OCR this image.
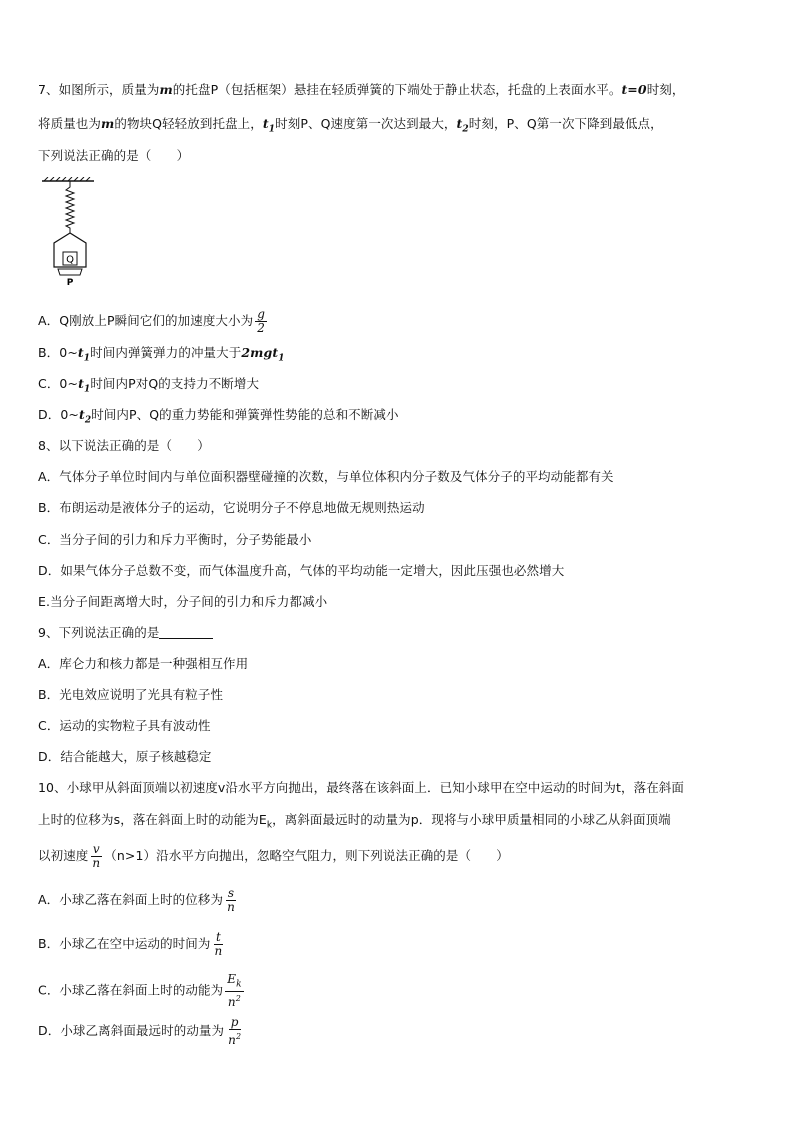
7、如图所示，质量为m的托盘P（包括框架）悬挂在轻质弹簧的下端处于静止状态，托盘的上表面水平。t=0时刻，
将质量也为m的物块Q轻轻放到托盘上，$t_1$时刻P、Q速度第一次达到最大，$t_2$时刻，P、Q第一次下降到最低点，
下列说法正确的是（　　）
Q
P
A．Q刚放上P瞬间它们的加速度大小为 $\frac{g}{2}$
B．$0\sim t_1$时间内弹簧弹力的冲量大于2mgt$_1$
C．$0\sim t_1$时间内P对Q的支持力不断增大
D．$0\sim t_2$时间内P、Q的重力势能和弹簧弹性势能的总和不断减小
8、以下说法正确的是（　　）
A．气体分子单位时间内与单位面积器壁碰撞的次数，与单位体积内分子数及气体分子的平均动能都有关
B．布朗运动是液体分子的运动，它说明分子不停息地做无规则热运动
C．当分子间的引力和斥力平衡时，分子势能最小
D．如果气体分子总数不变，而气体温度升高，气体的平均动能一定增大，因此压强也必然增大
E.当分子间距离增大时，分子间的引力和斥力都减小
9、下列说法正确的是
A．库仑力和核力都是一种强相互作用
B．光电效应说明了光具有粒子性
C．运动的实物粒子具有波动性
D．结合能越大，原子核越稳定
10、小球甲从斜面顶端以初速度v沿水平方向抛出，最终落在该斜面上．已知小球甲在空中运动的时间为t，落在斜面
上时的位移为s，落在斜面上时的动能为$E_k$，离斜面最远时的动量为p．现将与小球甲质量相同的小球乙从斜面顶端
以初速度 $\frac{v}{n} (n>1)$沿水平方向抛出，忽略空气阻力，则下列说法正确的是（　　）
A．小球乙落在斜面上时的位移为 $\frac{s}{n}$
B．小球乙在空中运动的时间为 $\frac{t}{n}$
C．小球乙落在斜面上时的动能为 $\frac{E_k}{n^2}$
D．小球乙离斜面最远时的动量为 $\frac{p}{n^2}$
